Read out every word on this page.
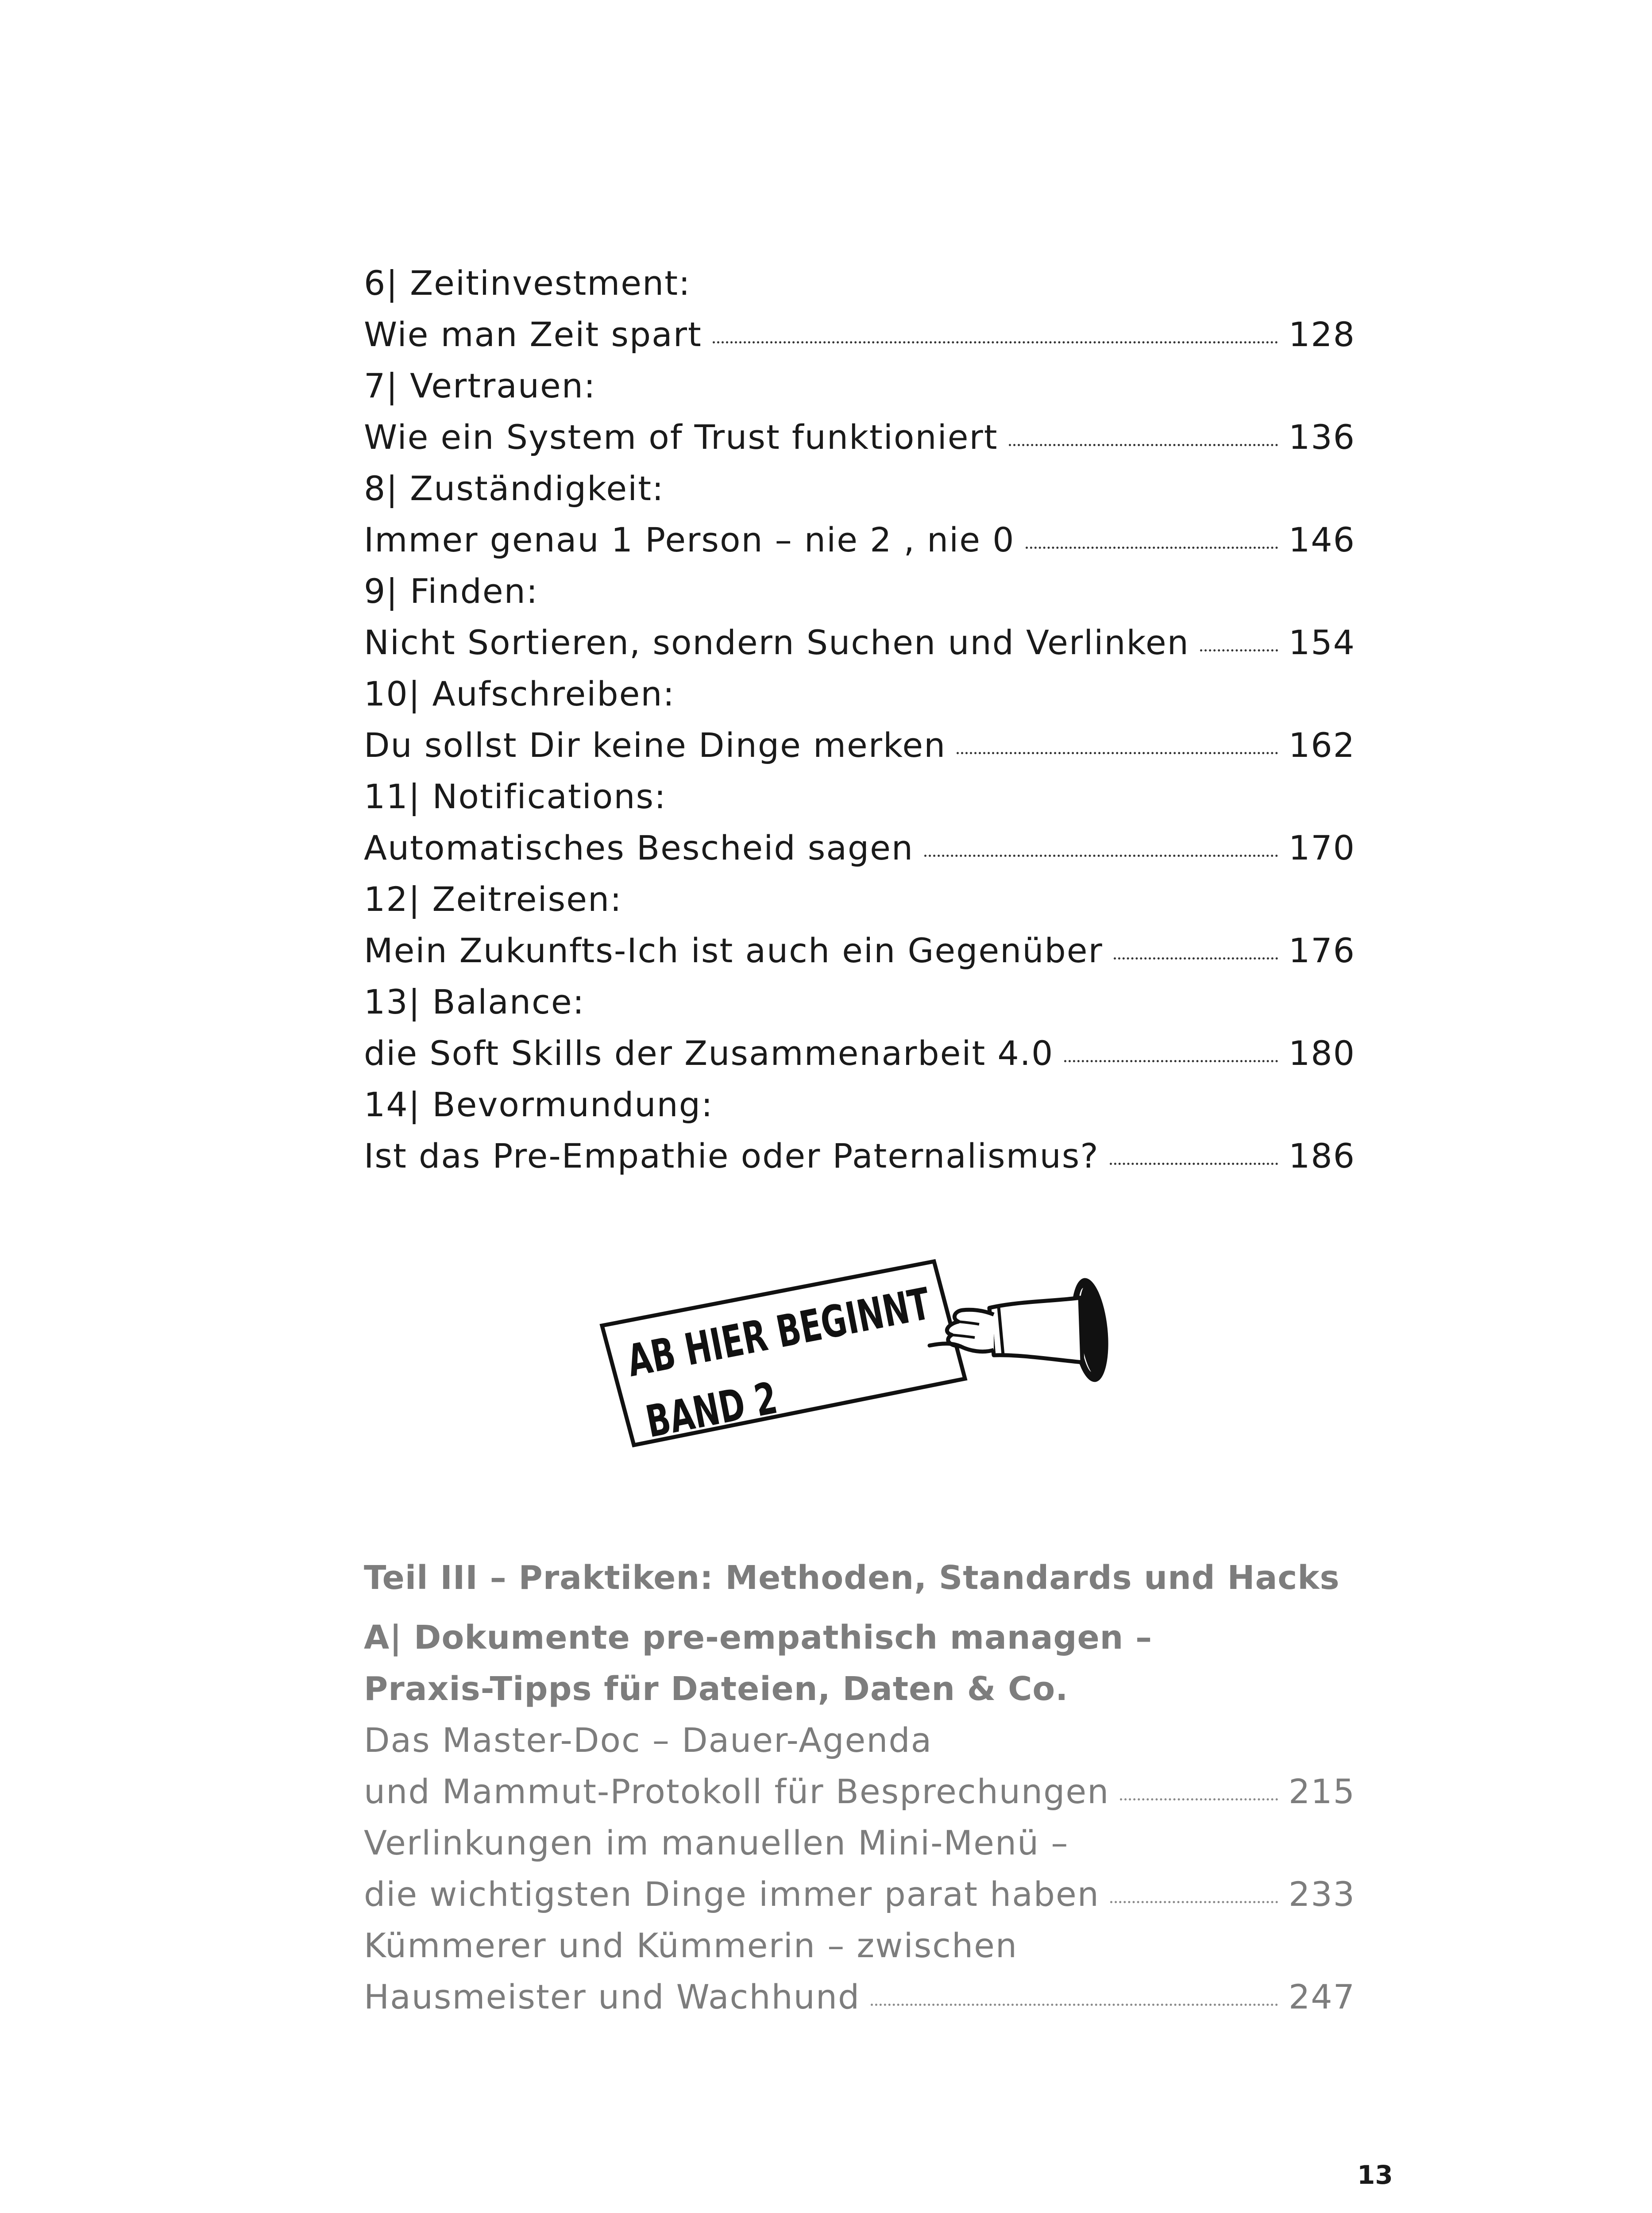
6| Zeitinvestment:
Wie man Zeit spart	128
7| Vertrauen:
Wie ein System of Trust funktioniert	136
8| Zuständigkeit:
Immer genau 1 Person – nie 2 , nie 0	146
9| Finden:
Nicht Sortieren, sondern Suchen und Verlinken	154
10| Aufschreiben:
Du sollst Dir keine Dinge merken	162
11| Notifications:
Automatisches Bescheid sagen	170
12| Zeitreisen:
Mein Zukunfts-Ich ist auch ein Gegenüber	176
13| Balance:
die Soft Skills der Zusammenarbeit 4.0	180
14| Bevormundung:
Ist das Pre-Empathie oder Paternalismus?	186
AB HIER BEGINNT
BAND 2
Teil III – Praktiken: Methoden, Standards und Hacks
A| Dokumente pre-empathisch managen –
Praxis-Tipps für Dateien, Daten & Co.
Das Master-Doc – Dauer-Agenda
und Mammut-Protokoll für Besprechungen	215
Verlinkungen im manuellen Mini-Menü –
die wichtigsten Dinge immer parat haben	233
Kümmerer und Kümmerin – zwischen
Hausmeister und Wachhund	247
13
